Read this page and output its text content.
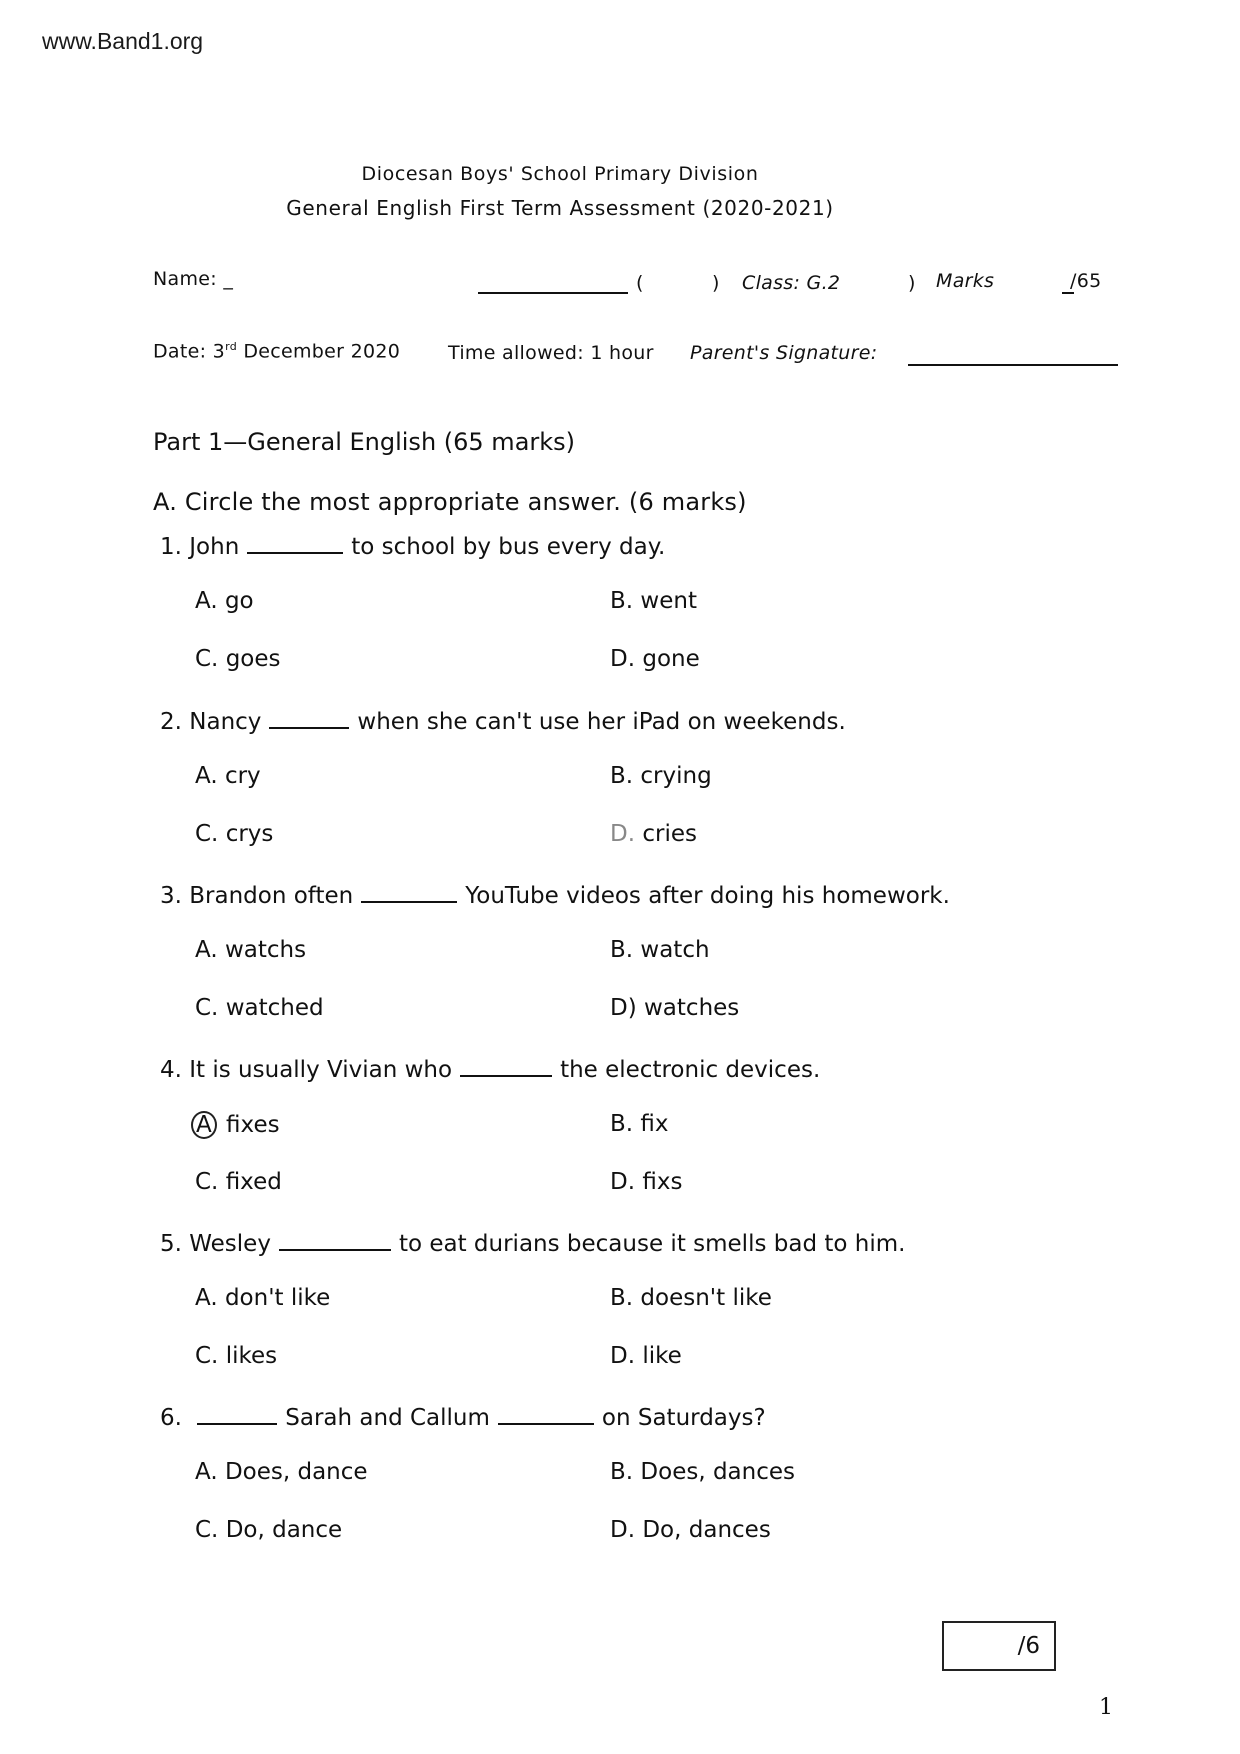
www.Band1.org
Diocesan Boys' School Primary Division
General English First Term Assessment (2020-2021)
Name: _	(	) Class: G.2	) Marks	/65
Date: 3rd December 2020	Time allowed: 1 hour Parent's Signature:
Part 1—General English (65 marks)
A. Circle the most appropriate answer. (6 marks)
1. John	to school by bus every day.
A. go	B. went
C. goes	D. gone
2. Nancy	when she can't use her iPad on weekends.
A. cry	B. crying
C. crys	D. cries
3. Brandon often	YouTube videos after doing his homework.
A. watchs	B. watch
C. watched	D) watches
4. It is usually Vivian who	the electronic devices.
A fixes	B. fix
C. fixed	D. fixs
5. Wesley	to eat durians because it smells bad to him.
A. don't like	B. doesn't like
C. likes	D. like
6.	Sarah and Callum	on Saturdays?
A. Does, dance	B. Does, dances
C. Do, dance	D. Do, dances
/6
1
